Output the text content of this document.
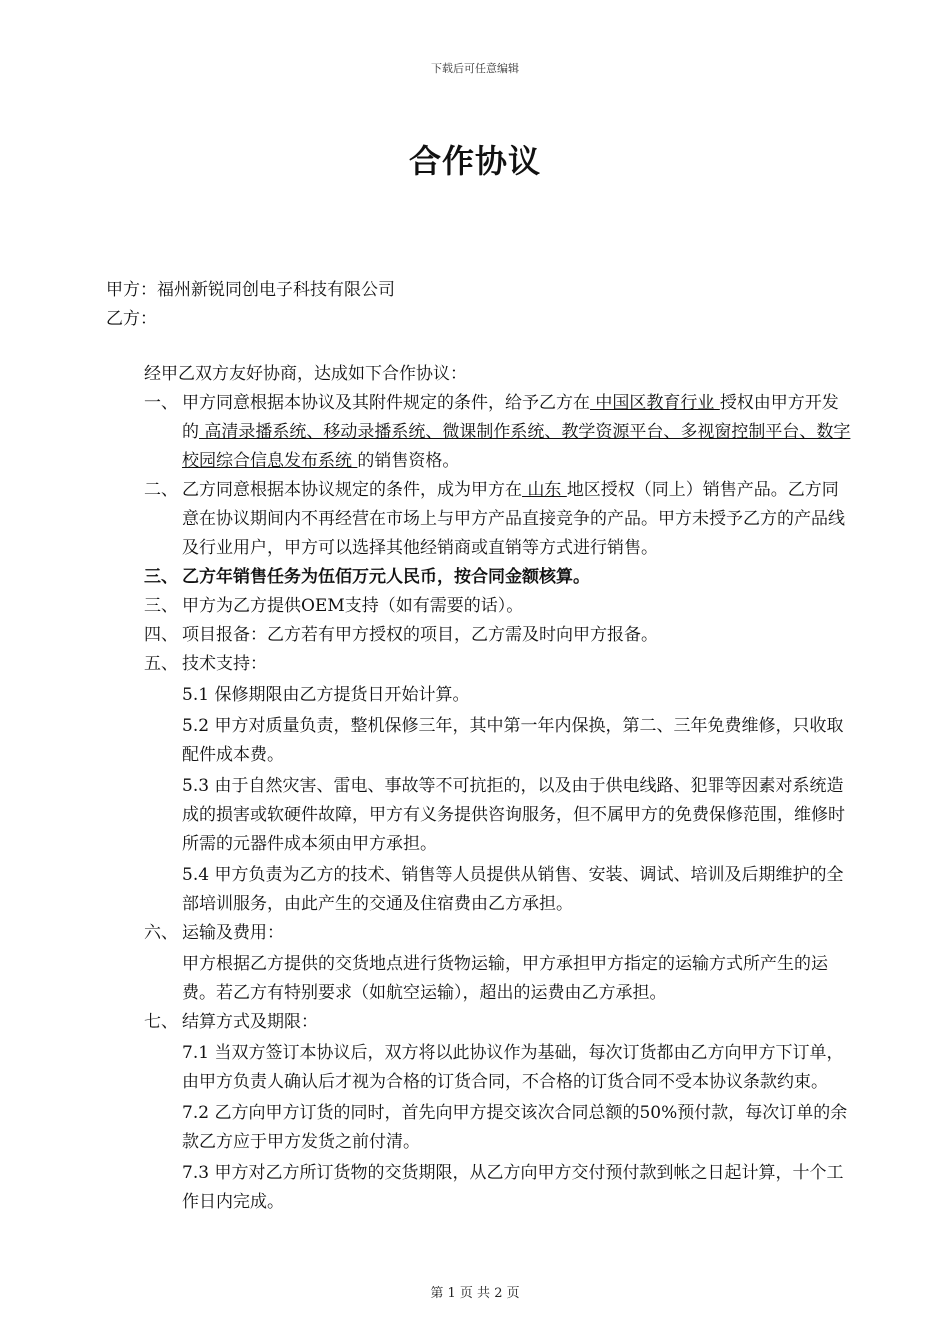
下载后可任意编辑
合作协议

甲方：福州新锐同创电子科技有限公司

乙方：

经甲乙双方友好协商，达成如下合作协议：

一、 甲方同意根据本协议及其附件规定的条件，给予乙方在 中国区教育行业 授权由甲方开发的 高清录播系统、移动录播系统、微课制作系统、教学资源平台、多视窗控制平台、数字校园综合信息发布系统 的销售资格。

二、 乙方同意根据本协议规定的条件，成为甲方在 山东 地区授权（同上）销售产品。乙方同意在协议期间内不再经营在市场上与甲方产品直接竞争的产品。甲方未授予乙方的产品线及行业用户，甲方可以选择其他经销商或直销等方式进行销售。

三、 乙方年销售任务为伍佰万元人民币，按合同金额核算。

三、 甲方为乙方提供OEM支持（如有需要的话）。

四、 项目报备：乙方若有甲方授权的项目，乙方需及时向甲方报备。

五、 技术支持：

5.1 保修期限由乙方提货日开始计算。

5.2 甲方对质量负责，整机保修三年，其中第一年内保换，第二、三年免费维修，只收取配件成本费。

5.3 由于自然灾害、雷电、事故等不可抗拒的，以及由于供电线路、犯罪等因素对系统造成的损害或软硬件故障，甲方有义务提供咨询服务，但不属甲方的免费保修范围，维修时所需的元器件成本须由甲方承担。

5.4 甲方负责为乙方的技术、销售等人员提供从销售、安装、调试、培训及后期维护的全部培训服务，由此产生的交通及住宿费由乙方承担。

六、 运输及费用：

甲方根据乙方提供的交货地点进行货物运输，甲方承担甲方指定的运输方式所产生的运费。若乙方有特别要求（如航空运输），超出的运费由乙方承担。

七、 结算方式及期限：

7.1 当双方签订本协议后，双方将以此协议作为基础，每次订货都由乙方向甲方下订单，由甲方负责人确认后才视为合格的订货合同，不合格的订货合同不受本协议条款约束。

7.2 乙方向甲方订货的同时，首先向甲方提交该次合同总额的50%预付款，每次订单的余款乙方应于甲方发货之前付清。

7.3 甲方对乙方所订货物的交货期限，从乙方向甲方交付预付款到帐之日起计算，十个工作日内完成。

第 1 页 共 2 页
